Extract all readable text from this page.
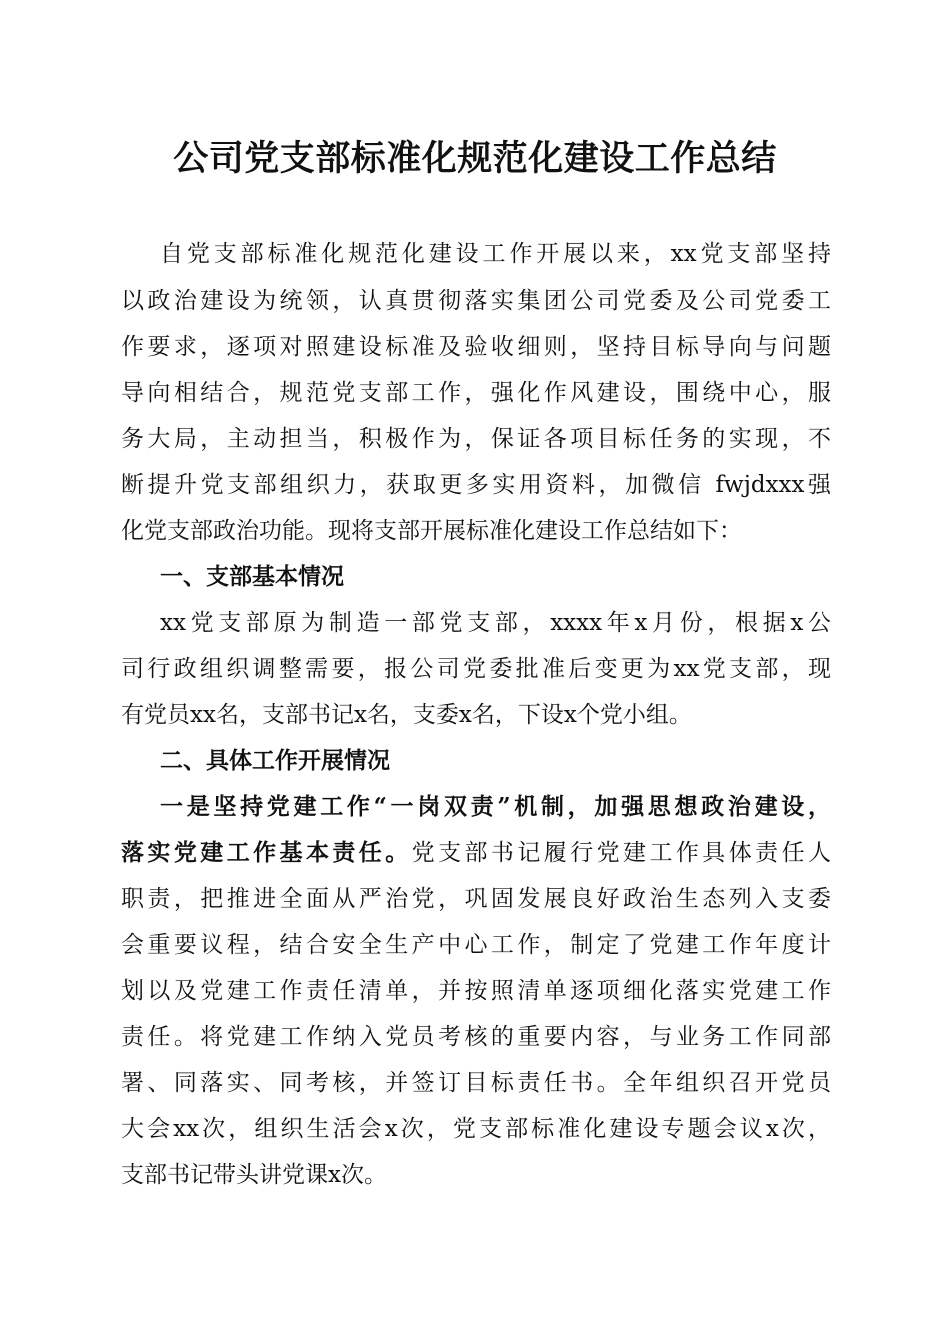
公司党支部标准化规范化建设工作总结

自党支部标准化规范化建设工作开展以来，xx党支部坚持

以政治建设为统领，认真贯彻落实集团公司党委及公司党委工

作要求，逐项对照建设标准及验收细则，坚持目标导向与问题

导向相结合，规范党支部工作，强化作风建设，围绕中心，服

务大局，主动担当，积极作为，保证各项目标任务的实现，不

断提升党支部组织力，获取更多实用资料，加微信 fwjdxxx强

化党支部政治功能。现将支部开展标准化建设工作总结如下：

一、支部基本情况

xx党支部原为制造一部党支部，xxxx年x月份，根据x公

司行政组织调整需要，报公司党委批准后变更为xx党支部，现

有党员xx名，支部书记x名，支委x名，下设x个党小组。

二、具体工作开展情况

一是坚持党建工作“一岗双责”机制，加强思想政治建设，

落实党建工作基本责任。党支部书记履行党建工作具体责任人

职责，把推进全面从严治党，巩固发展良好政治生态列入支委

会重要议程，结合安全生产中心工作，制定了党建工作年度计

划以及党建工作责任清单，并按照清单逐项细化落实党建工作

责任。将党建工作纳入党员考核的重要内容，与业务工作同部

署、同落实、同考核，并签订目标责任书。全年组织召开党员

大会xx次，组织生活会x次，党支部标准化建设专题会议x次，

支部书记带头讲党课x次。
